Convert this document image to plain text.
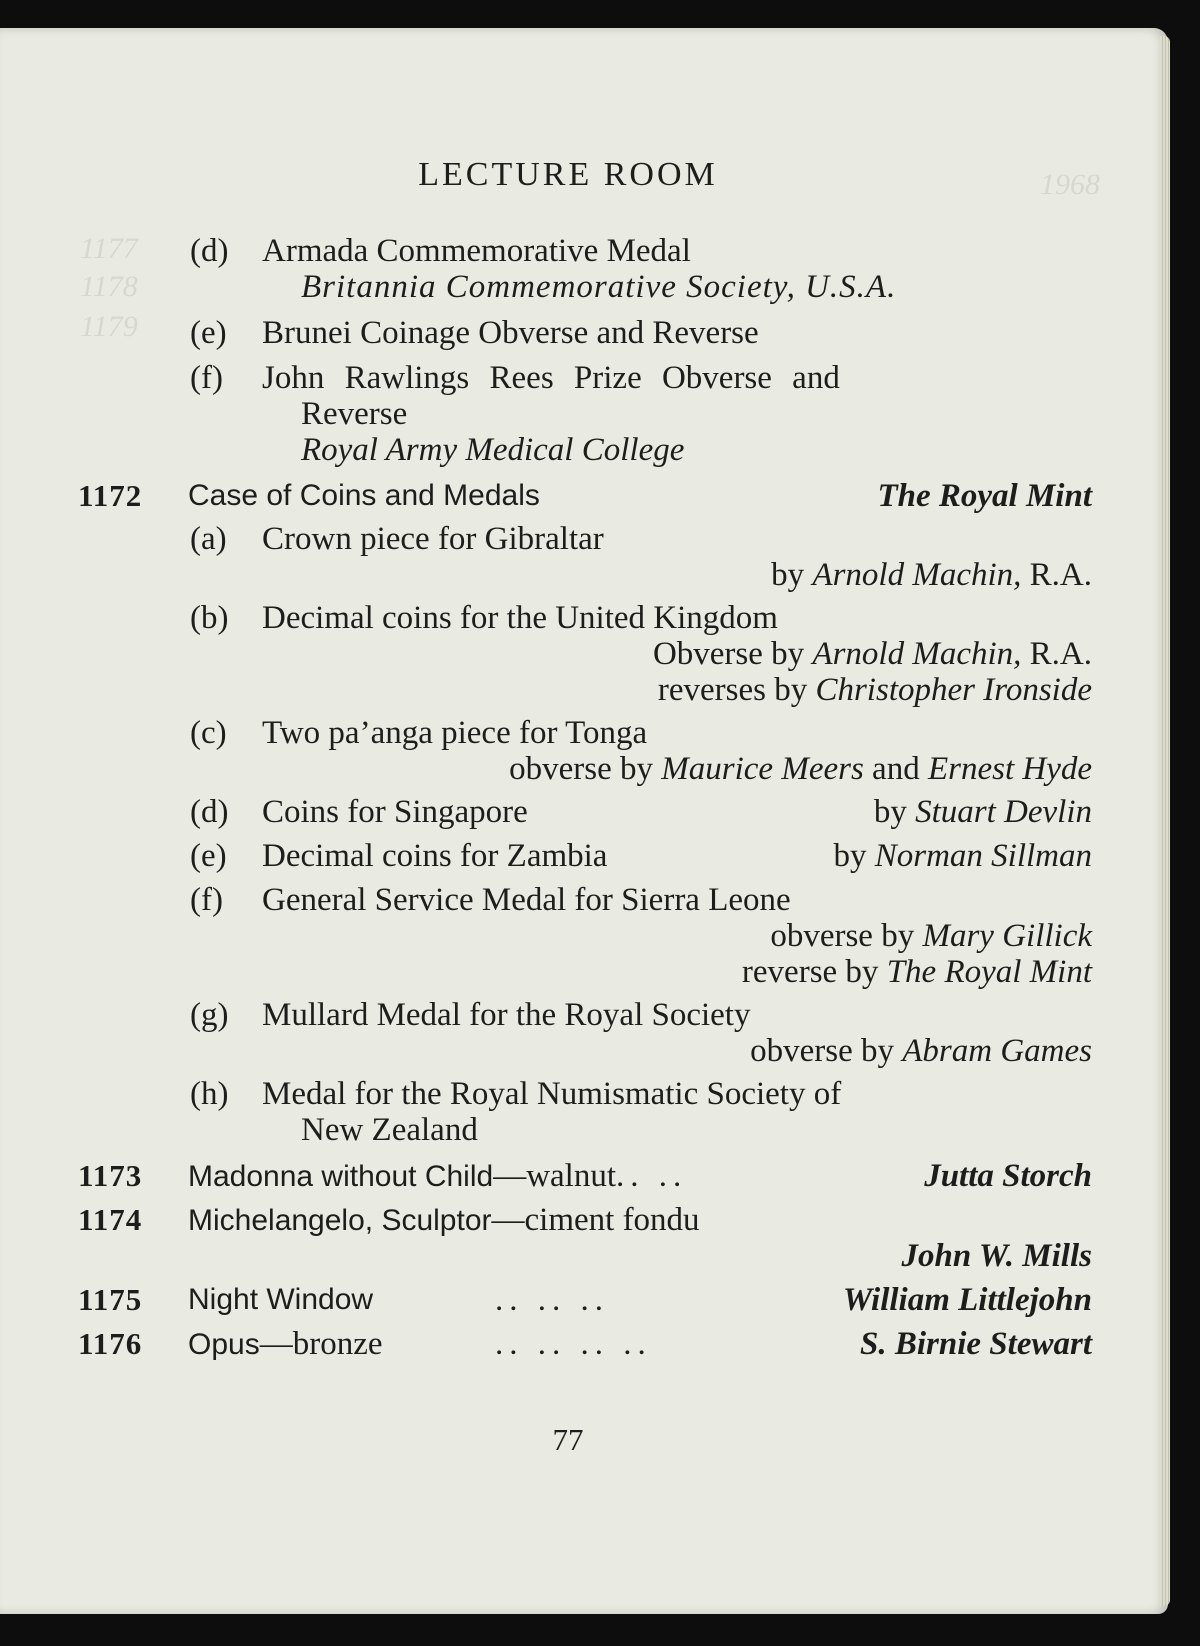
1968
1177
1178
1179
LECTURE ROOM
(d) Armada Commemorative Medal
Britannia Commemorative Society, U.S.A.
(e) Brunei Coinage Obverse and Reverse
(f) John Rawlings Rees Prize Obverse and
Reverse
Royal Army Medical College
1172 Case of Coins and Medals	The Royal Mint
(a) Crown piece for Gibraltar
by Arnold Machin, R.A.
(b) Decimal coins for the United Kingdom
Obverse by Arnold Machin, R.A.
reverses by Christopher Ironside
(c) Two pa’anga piece for Tonga
obverse by Maurice Meers and Ernest Hyde
(d) Coins for Singapore	by Stuart Devlin
(e) Decimal coins for Zambia	by Norman Sillman
(f) General Service Medal for Sierra Leone
obverse by Mary Gillick
reverse by The Royal Mint
(g) Mullard Medal for the Royal Society
obverse by Abram Games
(h) Medal for the Royal Numismatic Society of
New Zealand
1173 Madonna without Child—walnut.. ..	Jutta Storch
1174 Michelangelo, Sculptor—ciment fondu
John W. Mills
1175 Night Window	.. .. ..	William Littlejohn
1176 Opus—bronze	.. .. .. ..	S. Birnie Stewart
77
